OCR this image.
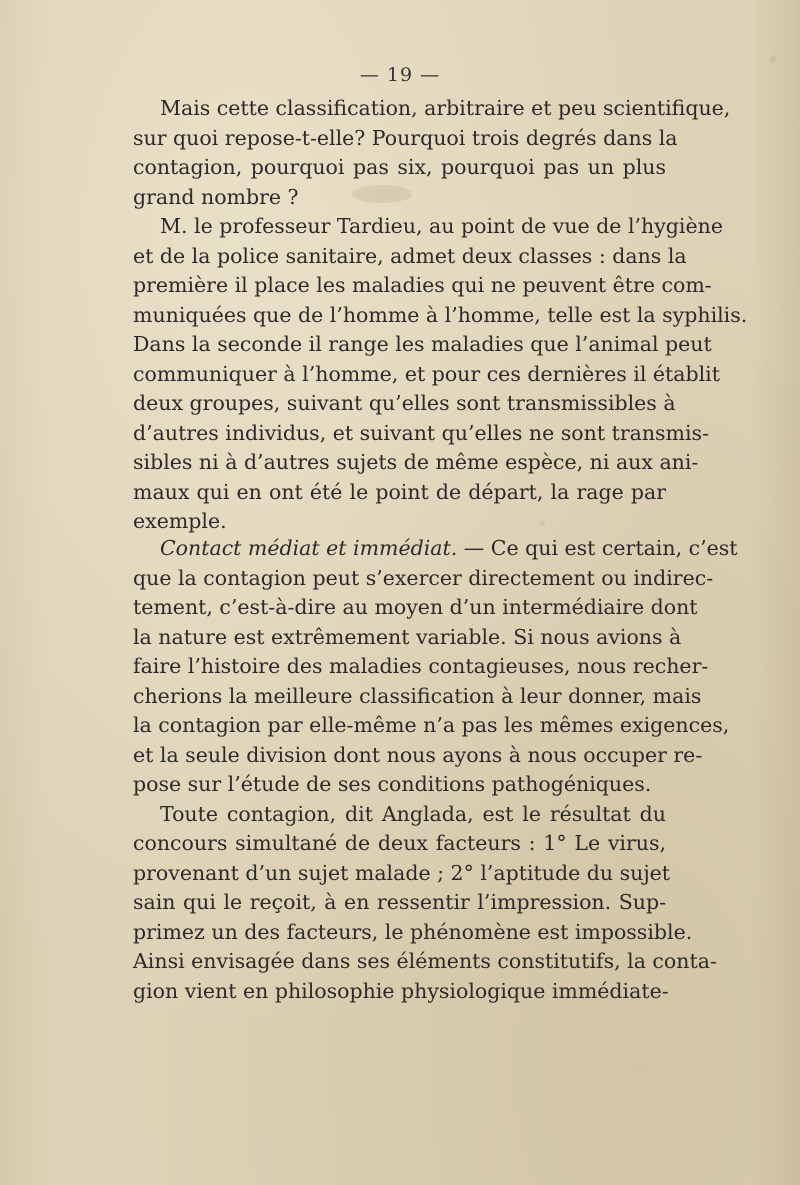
— 19 —
Mais cette classification, arbitraire et peu scientifique,
sur quoi repose-t-elle? Pourquoi trois degrés dans la
contagion, pourquoi pas six, pourquoi pas un plus
grand nombre ?
M. le professeur Tardieu, au point de vue de l’hygiène
et de la police sanitaire, admet deux classes : dans la
première il place les maladies qui ne peuvent être com-
muniquées que de l’homme à l’homme, telle est la syphilis.
Dans la seconde il range les maladies que l’animal peut
communiquer à l’homme, et pour ces dernières il établit
deux groupes, suivant qu’elles sont transmissibles à
d’autres individus, et suivant qu’elles ne sont transmis-
sibles ni à d’autres sujets de même espèce, ni aux ani-
maux qui en ont été le point de départ, la rage par
exemple.
Contact médiat et immédiat. — Ce qui est certain, c’est
que la contagion peut s’exercer directement ou indirec-
tement, c’est-à-dire au moyen d’un intermédiaire dont
la nature est extrêmement variable. Si nous avions à
faire l’histoire des maladies contagieuses, nous recher-
cherions la meilleure classification à leur donner, mais
la contagion par elle-même n’a pas les mêmes exigences,
et la seule division dont nous ayons à nous occuper re-
pose sur l’étude de ses conditions pathogéniques.
Toute contagion, dit Anglada, est le résultat du
concours simultané de deux facteurs : 1° Le virus,
provenant d’un sujet malade ; 2° l’aptitude du sujet
sain qui le reçoit, à en ressentir l’impression. Sup-
primez un des facteurs, le phénomène est impossible.
Ainsi envisagée dans ses éléments constitutifs, la conta-
gion vient en philosophie physiologique immédiate-
